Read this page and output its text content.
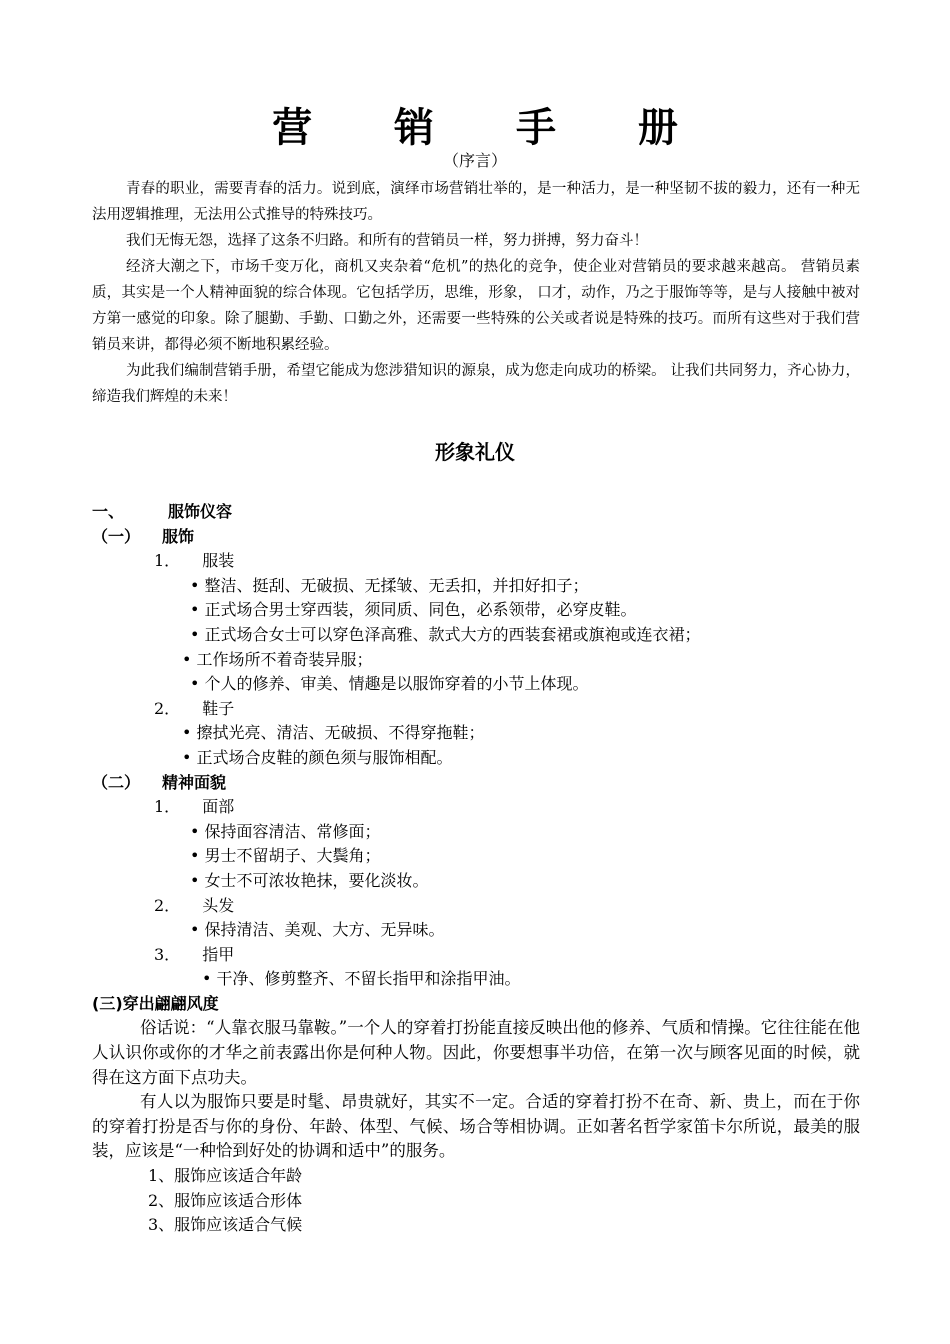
营 销 手 册
（序言）

青春的职业，需要青春的活力。说到底，演绎市场营销壮举的，是一种活力，是一种坚韧不拔的毅力，还有一种无法用逻辑推理，无法用公式推导的特殊技巧。

我们无悔无怨，选择了这条不归路。和所有的营销员一样，努力拼搏，努力奋斗！

经济大潮之下，市场千变万化，商机又夹杂着“危机”的热化的竞争，使企业对营销员的要求越来越高。 营销员素质，其实是一个人精神面貌的综合体现。它包括学历，思维，形象， 口才，动作，乃之于服饰等等，是与人接触中被对方第一感觉的印象。除了腿勤、手勤、口勤之外，还需要一些特殊的公关或者说是特殊的技巧。而所有这些对于我们营销员来讲，都得必须不断地积累经验。

为此我们编制营销手册，希望它能成为您涉猎知识的源泉，成为您走向成功的桥梁。 让我们共同努力，齐心协力，缔造我们辉煌的未来！

形象礼仪
一、	服饰仪容
（一） 服饰
1． 服装
• 整洁、挺刮、无破损、无揉皱、无丢扣，并扣好扣子；
• 正式场合男士穿西装，须同质、同色，必系领带，必穿皮鞋。
• 正式场合女士可以穿色泽高雅、款式大方的西装套裙或旗袍或连衣裙；
• 工作场所不着奇装异服；
• 个人的修养、审美、情趣是以服饰穿着的小节上体现。
2． 鞋子
• 擦拭光亮、清洁、无破损、不得穿拖鞋；
• 正式场合皮鞋的颜色须与服饰相配。
（二） 精神面貌
1． 面部
• 保持面容清洁、常修面；
• 男士不留胡子、大鬓角；
• 女士不可浓妆艳抹，要化淡妆。
2． 头发
• 保持清洁、美观、大方、无异味。
3． 指甲
• 干净、修剪整齐、不留长指甲和涂指甲油。
(三)穿出翩翩风度

俗话说：“人靠衣服马靠鞍。”一个人的穿着打扮能直接反映出他的修养、气质和情操。它往往能在他人认识你或你的才华之前表露出你是何种人物。因此，你要想事半功倍，在第一次与顾客见面的时候，就得在这方面下点功夫。

有人以为服饰只要是时髦、昂贵就好，其实不一定。合适的穿着打扮不在奇、新、贵上，而在于你的穿着打扮是否与你的身份、年龄、体型、气候、场合等相协调。正如著名哲学家笛卡尔所说，最美的服装，应该是“一种恰到好处的协调和适中”的服务。

1、服饰应该适合年龄
2、服饰应该适合形体
3、服饰应该适合气候
